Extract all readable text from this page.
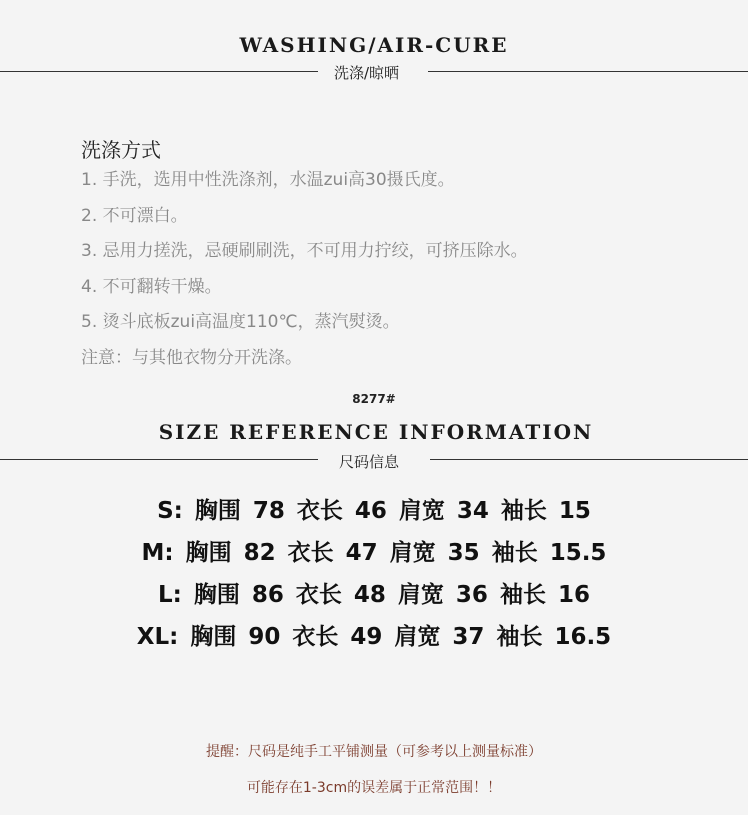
WASHING/AIR-CURE
洗涤/晾晒
洗涤方式
1. 手洗，选用中性洗涤剂，水温zui高30摄氏度。
2. 不可漂白。
3. 忌用力搓洗，忌硬刷刷洗，不可用力拧绞，可挤压除水。
4. 不可翻转干燥。
5. 烫斗底板zui高温度110℃，蒸汽熨烫。
注意：与其他衣物分开洗涤。
8277#
SIZE REFERENCE INFORMATION
尺码信息
S: 胸围 78 衣长 46 肩宽 34 袖长 15
M: 胸围 82 衣长 47 肩宽 35 袖长 15.5
L: 胸围 86 衣长 48 肩宽 36 袖长 16
XL: 胸围 90 衣长 49 肩宽 37 袖长 16.5
提醒：尺码是纯手工平铺测量（可参考以上测量标准）
可能存在1-3cm的误差属于正常范围！！
